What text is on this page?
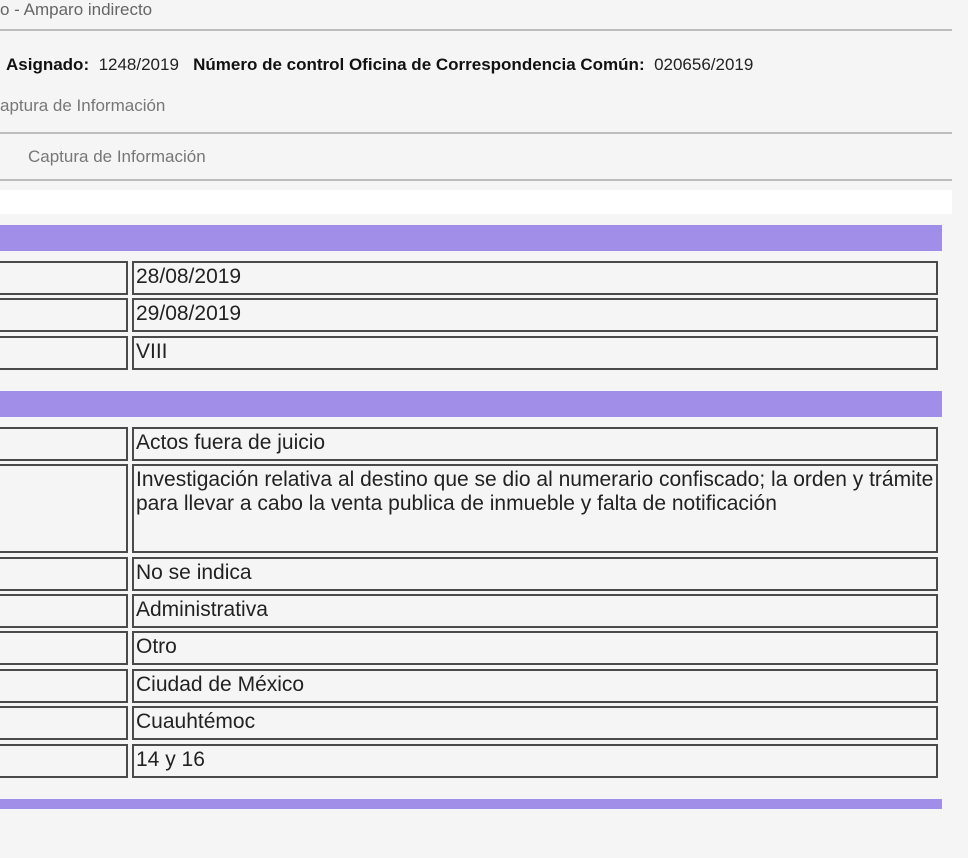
o - Amparo indirecto
Asignado: 1248/2019 Número de control Oficina de Correspondencia Común: 020656/2019
aptura de Información
Captura de Información
28/08/2019
29/08/2019
VIII
Actos fuera de juicio
Investigación relativa al destino que se dio al numerario confiscado; la orden y trámite para llevar a cabo la venta publica de inmueble y falta de notificación
No se indica
Administrativa
Otro
Ciudad de México
Cuauhtémoc
14 y 16
